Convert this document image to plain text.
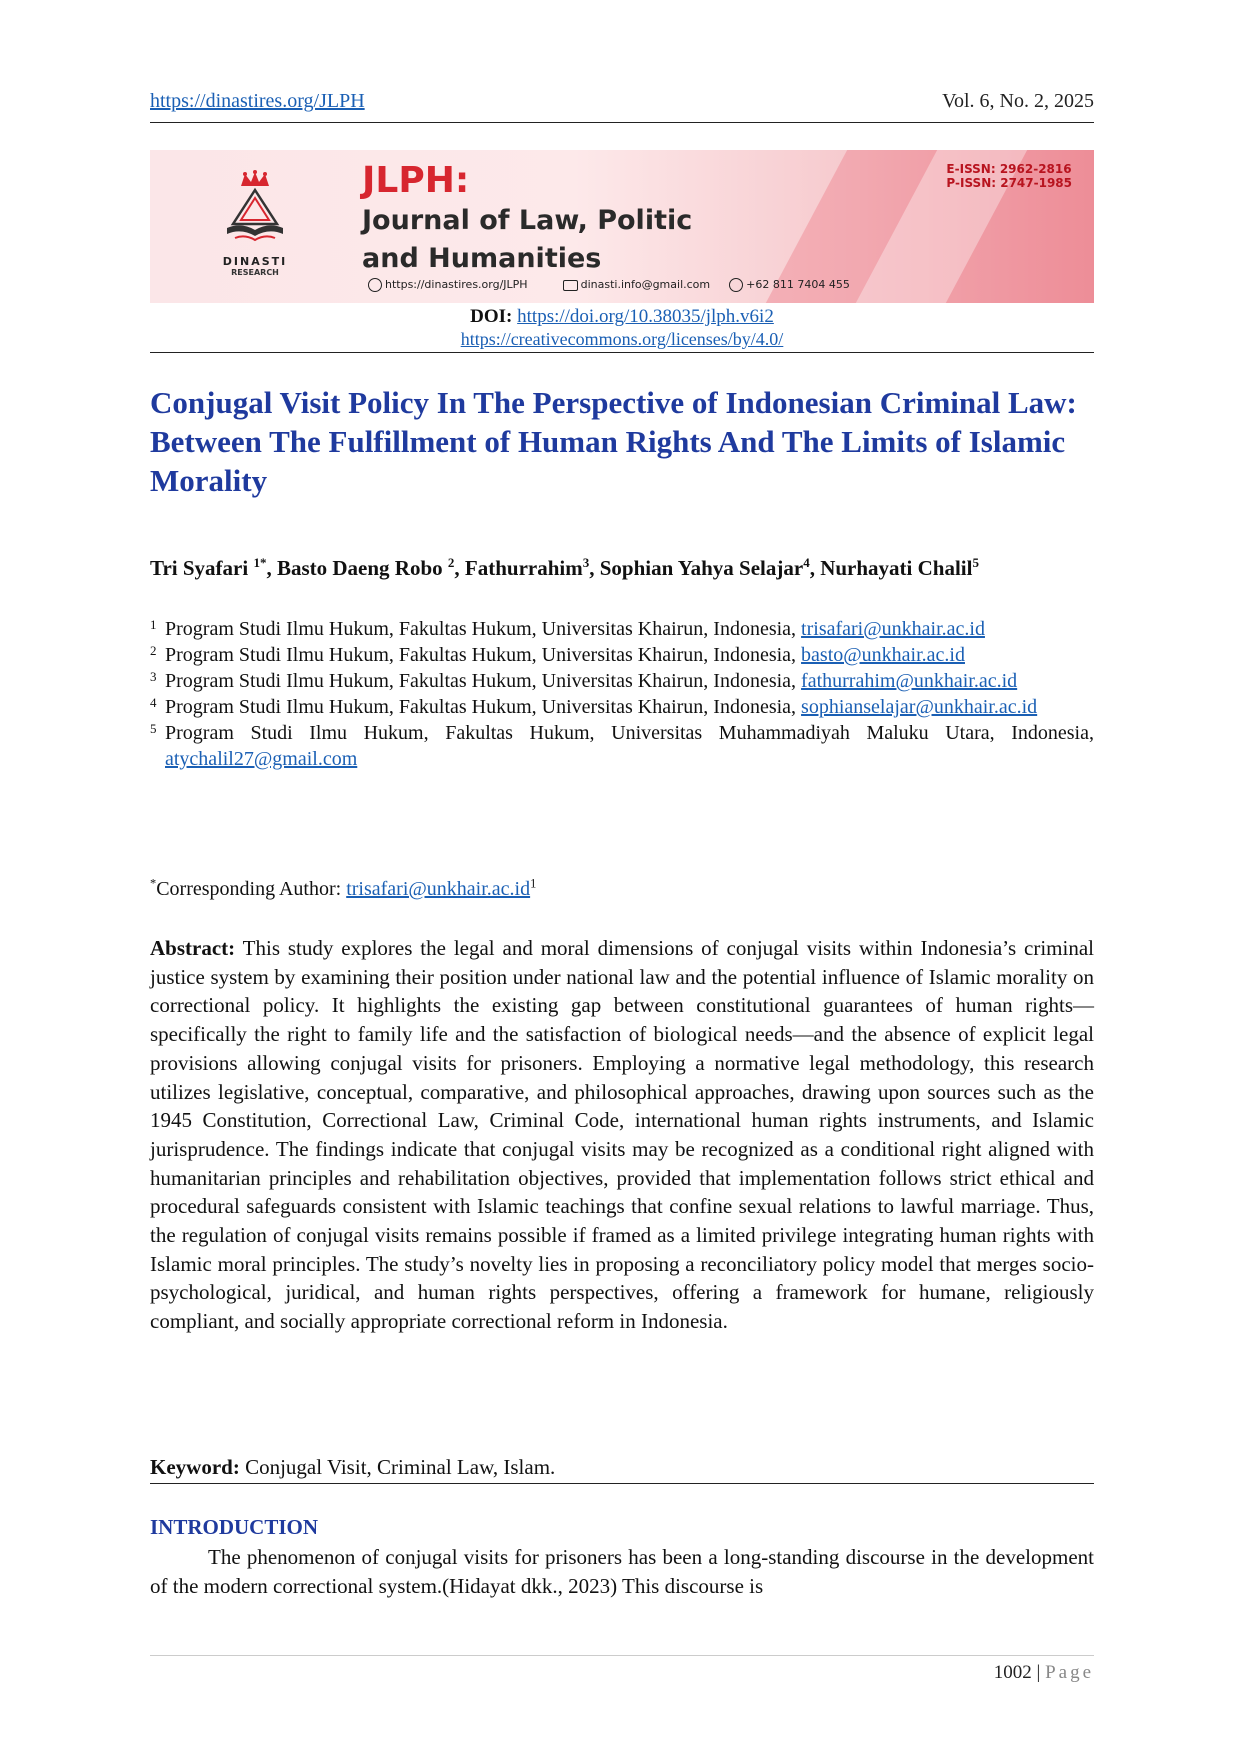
https://dinastires.org/JLPH	Vol. 6, No. 2, 2025
DINASTI
RESEARCH
JLPH:
Journal of Law, Politic
and Humanities
E-ISSN: 2962-2816
P-ISSN: 2747-1985
https://dinastires.org/JLPH	dinasti.info@gmail.com	+62 811 7404 455
DOI: https://doi.org/10.38035/jlph.v6i2
https://creativecommons.org/licenses/by/4.0/
Conjugal Visit Policy In The Perspective of Indonesian Criminal Law: Between The Fulfillment of Human Rights And The Limits of Islamic Morality
Tri Syafari $^{1*}$, Basto Daeng Robo $^2$, Fathurrahim$^3$, Sophian Yahya Selajar$^4$, Nurhayati Chalil$^5$
1 Program Studi Ilmu Hukum, Fakultas Hukum, Universitas Khairun, Indonesia, trisafari@unkhair.ac.id
2 Program Studi Ilmu Hukum, Fakultas Hukum, Universitas Khairun, Indonesia, basto@unkhair.ac.id
3 Program Studi Ilmu Hukum, Fakultas Hukum, Universitas Khairun, Indonesia, fathurrahim@unkhair.ac.id
4 Program Studi Ilmu Hukum, Fakultas Hukum, Universitas Khairun, Indonesia, sophianselajar@unkhair.ac.id
5 Program Studi Ilmu Hukum, Fakultas Hukum, Universitas Muhammadiyah Maluku Utara, Indonesia, atychalil27@gmail.com
*Corresponding Author: $trisafari@unkhair.ac.id^1$
Abstract: This study explores the legal and moral dimensions of conjugal visits within Indonesia’s criminal justice system by examining their position under national law and the potential influence of Islamic morality on correctional policy. It highlights the existing gap between constitutional guarantees of human rights—specifically the right to family life and the satisfaction of biological needs—and the absence of explicit legal provisions allowing conjugal visits for prisoners. Employing a normative legal methodology, this research utilizes legislative, conceptual, comparative, and philosophical approaches, drawing upon sources such as the 1945 Constitution, Correctional Law, Criminal Code, international human rights instruments, and Islamic jurisprudence. The findings indicate that conjugal visits may be recognized as a conditional right aligned with humanitarian principles and rehabilitation objectives, provided that implementation follows strict ethical and procedural safeguards consistent with Islamic teachings that confine sexual relations to lawful marriage. Thus, the regulation of conjugal visits remains possible if framed as a limited privilege integrating human rights with Islamic moral principles. The study’s novelty lies in proposing a reconciliatory policy model that merges socio-psychological, juridical, and human rights perspectives, offering a framework for humane, religiously compliant, and socially appropriate correctional reform in Indonesia.
Keyword: Conjugal Visit, Criminal Law, Islam.
INTRODUCTION
The phenomenon of conjugal visits for prisoners has been a long-standing discourse in the development of the modern correctional system.(Hidayat dkk., 2023) This discourse is
1002 | Page
